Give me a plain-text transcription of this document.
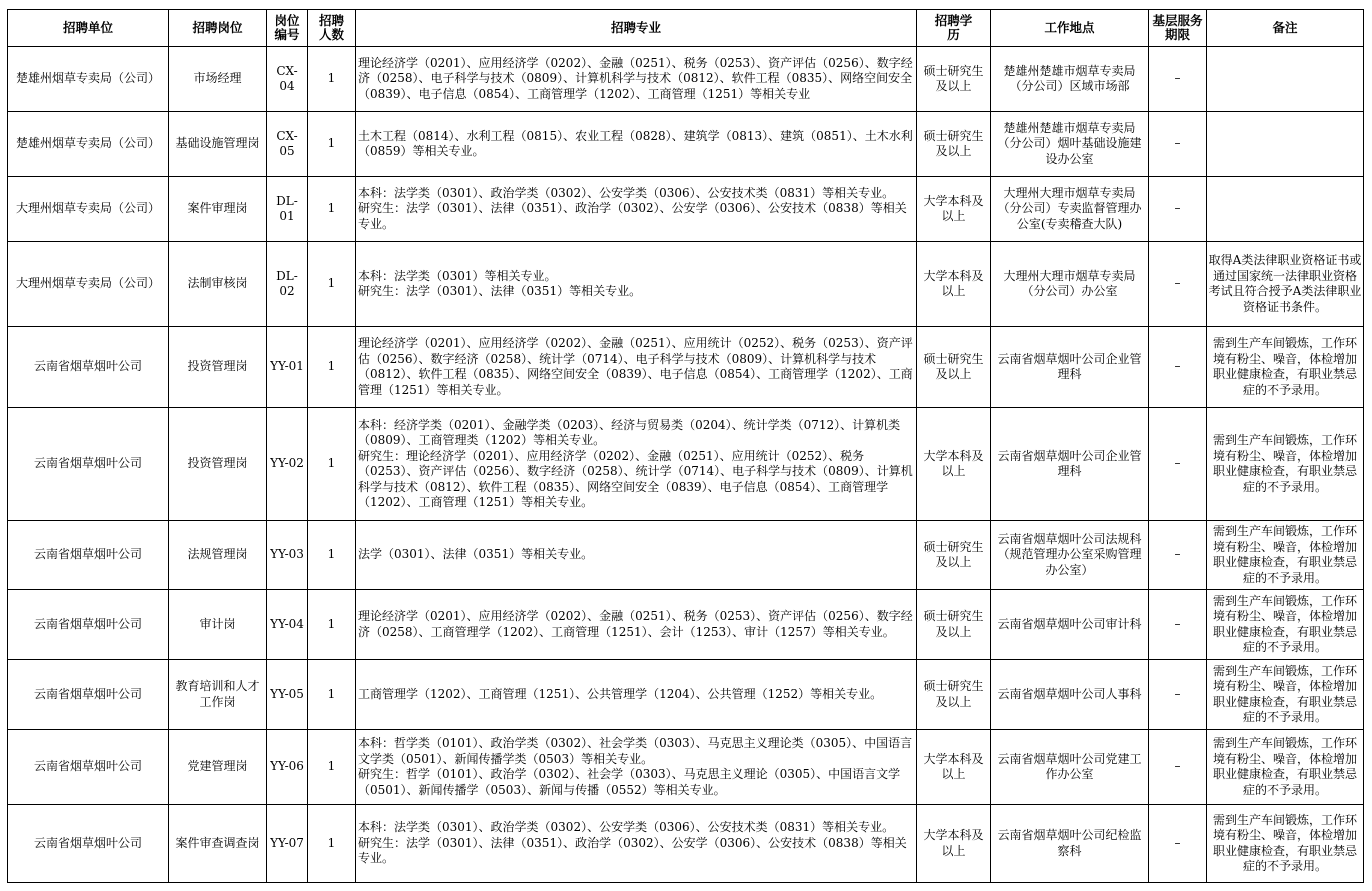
招聘单位	招聘岗位	岗位编号	招聘人数	招聘专业	招聘学历	工作地点	基层服务期限	备注
楚雄州烟草专卖局（公司）	市场经理	CX-04	1	理论经济学（0201）、应用经济学（0202）、金融（0251）、税务（0253）、资产评估（0256）、数字经济（0258）、电子科学与技术（0809）、计算机科学与技术（0812）、软件工程（0835）、网络空间安全（0839）、电子信息（0854）、工商管理学（1202）、工商管理（1251）等相关专业	硕士研究生及以上	楚雄州楚雄市烟草专卖局（分公司）区域市场部	–	
楚雄州烟草专卖局（公司）	基础设施管理岗	CX-05	1	土木工程（0814）、水利工程（0815）、农业工程（0828）、建筑学（0813）、建筑（0851）、土木水利（0859）等相关专业。	硕士研究生及以上	楚雄州楚雄市烟草专卖局（分公司）烟叶基础设施建设办公室	–	
大理州烟草专卖局（公司）	案件审理岗	DL-01	1	本科：法学类（0301）、政治学类（0302）、公安学类（0306）、公安技术类（0831）等相关专业。
研究生：法学（0301）、法律（0351）、政治学（0302）、公安学（0306）、公安技术（0838）等相关专业。	大学本科及以上	大理州大理市烟草专卖局（分公司）专卖监督管理办公室(专卖稽查大队)	–	
大理州烟草专卖局（公司）	法制审核岗	DL-02	1	本科：法学类（0301）等相关专业。
研究生：法学（0301）、法律（0351）等相关专业。	大学本科及以上	大理州大理市烟草专卖局（分公司）办公室	–	取得A类法律职业资格证书或通过国家统一法律职业资格考试且符合授予A类法律职业资格证书条件。
云南省烟草烟叶公司	投资管理岗	YY-01	1	理论经济学（0201）、应用经济学（0202）、金融（0251）、应用统计（0252）、税务（0253）、资产评估（0256）、数字经济（0258）、统计学（0714）、电子科学与技术（0809）、计算机科学与技术（0812）、软件工程（0835）、网络空间安全（0839）、电子信息（0854）、工商管理学（1202）、工商管理（1251）等相关专业。	硕士研究生及以上	云南省烟草烟叶公司企业管理科	–	需到生产车间锻炼，工作环境有粉尘、噪音，体检增加职业健康检查，有职业禁忌症的不予录用。
云南省烟草烟叶公司	投资管理岗	YY-02	1	本科：经济学类（0201）、金融学类（0203）、经济与贸易类（0204）、统计学类（0712）、计算机类（0809）、工商管理类（1202）等相关专业。
研究生：理论经济学（0201）、应用经济学（0202）、金融（0251）、应用统计（0252）、税务（0253）、资产评估（0256）、数字经济（0258）、统计学（0714）、电子科学与技术（0809）、计算机科学与技术（0812）、软件工程（0835）、网络空间安全（0839）、电子信息（0854）、工商管理学（1202）、工商管理（1251）等相关专业。	大学本科及以上	云南省烟草烟叶公司企业管理科	–	需到生产车间锻炼，工作环境有粉尘、噪音，体检增加职业健康检查，有职业禁忌症的不予录用。
云南省烟草烟叶公司	法规管理岗	YY-03	1	法学（0301）、法律（0351）等相关专业。	硕士研究生及以上	云南省烟草烟叶公司法规科（规范管理办公室采购管理办公室）	–	需到生产车间锻炼，工作环境有粉尘、噪音，体检增加职业健康检查，有职业禁忌症的不予录用。
云南省烟草烟叶公司	审计岗	YY-04	1	理论经济学（0201）、应用经济学（0202）、金融（0251）、税务（0253）、资产评估（0256）、数字经济（0258）、工商管理学（1202）、工商管理（1251）、会计（1253）、审计（1257）等相关专业。	硕士研究生及以上	云南省烟草烟叶公司审计科	–	需到生产车间锻炼，工作环境有粉尘、噪音，体检增加职业健康检查，有职业禁忌症的不予录用。
云南省烟草烟叶公司	教育培训和人才工作岗	YY-05	1	工商管理学（1202）、工商管理（1251）、公共管理学（1204）、公共管理（1252）等相关专业。	硕士研究生及以上	云南省烟草烟叶公司人事科	–	需到生产车间锻炼，工作环境有粉尘、噪音，体检增加职业健康检查，有职业禁忌症的不予录用。
云南省烟草烟叶公司	党建管理岗	YY-06	1	本科：哲学类（0101）、政治学类（0302）、社会学类（0303）、马克思主义理论类（0305）、中国语言文学类（0501）、新闻传播学类（0503）等相关专业。
研究生：哲学（0101）、政治学（0302）、社会学（0303）、马克思主义理论（0305）、中国语言文学（0501）、新闻传播学（0503）、新闻与传播（0552）等相关专业。	大学本科及以上	云南省烟草烟叶公司党建工作办公室	–	需到生产车间锻炼，工作环境有粉尘、噪音，体检增加职业健康检查，有职业禁忌症的不予录用。
云南省烟草烟叶公司	案件审查调查岗	YY-07	1	本科：法学类（0301）、政治学类（0302）、公安学类（0306）、公安技术类（0831）等相关专业。
研究生：法学（0301）、法律（0351）、政治学（0302）、公安学（0306）、公安技术（0838）等相关专业。	大学本科及以上	云南省烟草烟叶公司纪检监察科	–	需到生产车间锻炼，工作环境有粉尘、噪音，体检增加职业健康检查，有职业禁忌症的不予录用。
